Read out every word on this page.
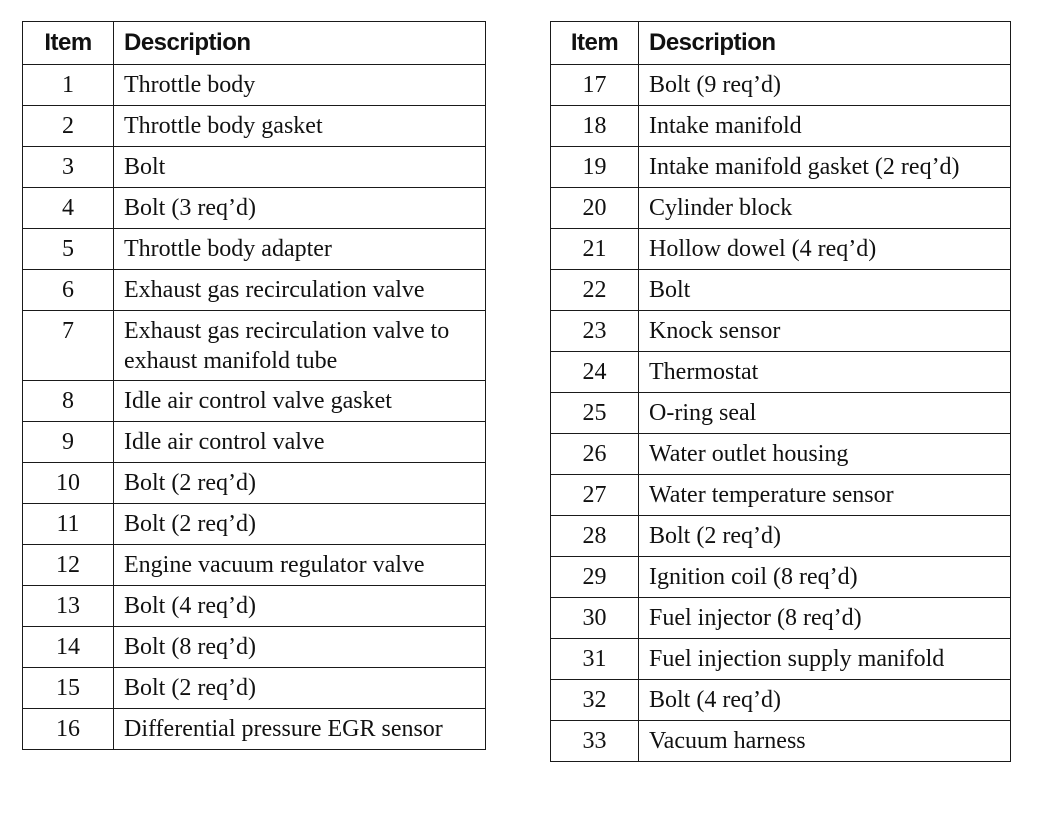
Item	Description
1	Throttle body
2	Throttle body gasket
3	Bolt
4	Bolt (3 req’d)
5	Throttle body adapter
6	Exhaust gas recirculation valve
7	Exhaust gas recirculation valve to exhaust manifold tube
8	Idle air control valve gasket
9	Idle air control valve
10	Bolt (2 req’d)
11	Bolt (2 req’d)
12	Engine vacuum regulator valve
13	Bolt (4 req’d)
14	Bolt (8 req’d)
15	Bolt (2 req’d)
16	Differential pressure EGR sensor
Item	Description
17	Bolt (9 req’d)
18	Intake manifold
19	Intake manifold gasket (2 req’d)
20	Cylinder block
21	Hollow dowel (4 req’d)
22	Bolt
23	Knock sensor
24	Thermostat
25	O-ring seal
26	Water outlet housing
27	Water temperature sensor
28	Bolt (2 req’d)
29	Ignition coil (8 req’d)
30	Fuel injector (8 req’d)
31	Fuel injection supply manifold
32	Bolt (4 req’d)
33	Vacuum harness
